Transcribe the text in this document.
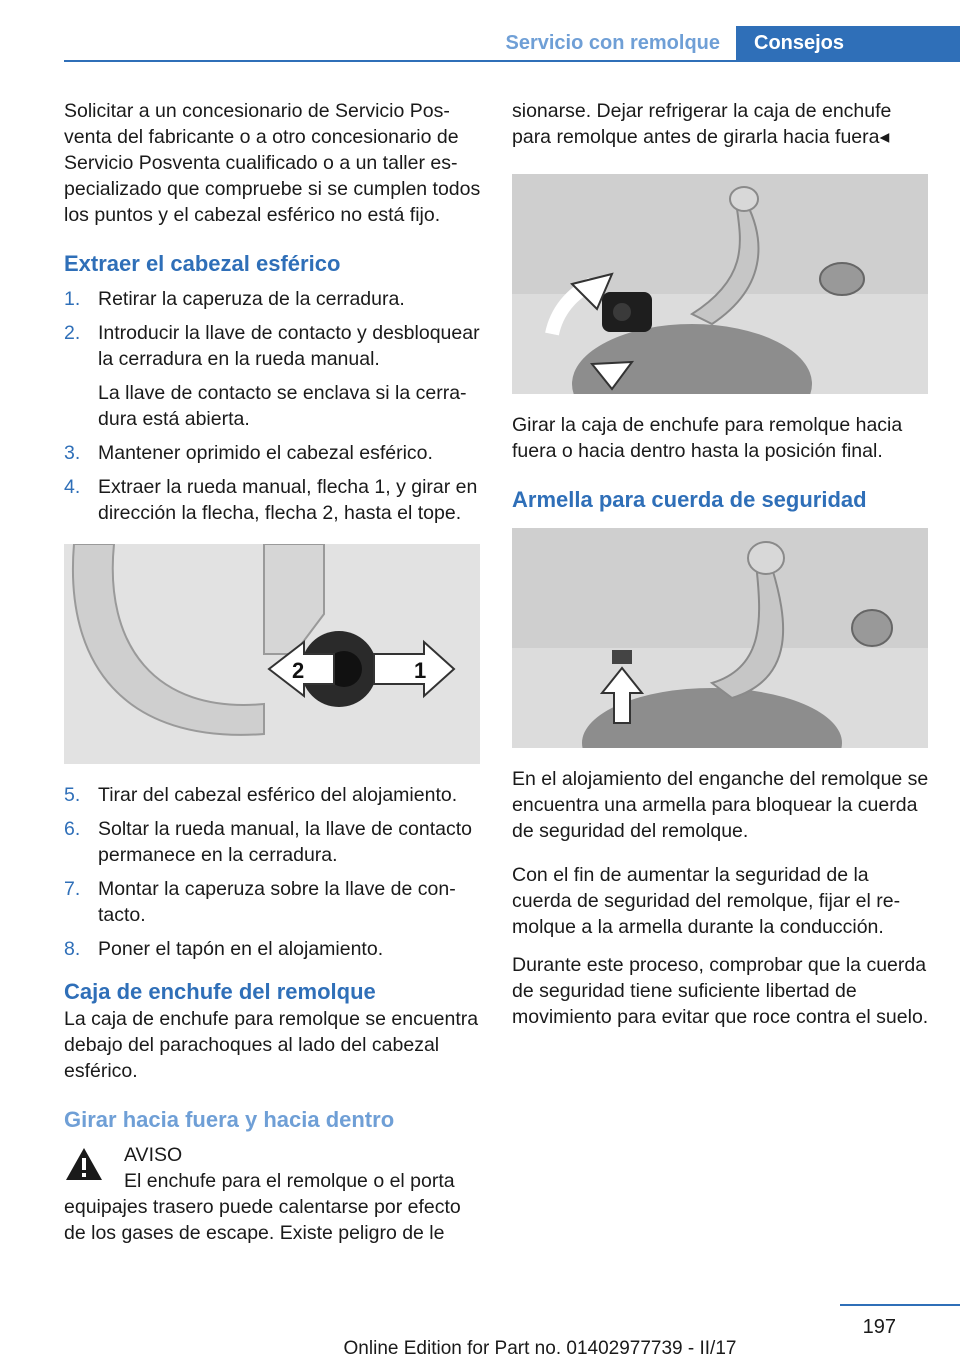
Servicio con remolque	Consejos

Solicitar a un concesionario de Servicio Posventa del fabricante o a otro concesionario de Servicio Posventa cualificado o a un taller especializado que compruebe si se cumplen todos los puntos y el cabezal esférico no está fijo.

Extraer el cabezal esférico
1. Retirar la caperuza de la cerradura.
2. Introducir la llave de contacto y desbloquear la cerradura en la rueda manual.
La llave de contacto se enclava si la cerradura está abierta.
3. Mantener oprimido el cabezal esférico.
4. Extraer la rueda manual, flecha 1, y girar en dirección la flecha, flecha 2, hasta el tope.
1
2
5. Tirar del cabezal esférico del alojamiento.
6. Soltar la rueda manual, la llave de contacto permanece en la cerradura.
7. Montar la caperuza sobre la llave de contacto.
8. Poner el tapón en el alojamiento.
Caja de enchufe del remolque

La caja de enchufe para remolque se encuentra debajo del parachoques al lado del cabezal esférico.

Girar hacia fuera y hacia dentro
AVISO
El enchufe para el remolque o el porta
equipajes trasero puede calentarse por efecto de los gases de escape. Existe peligro de le

sionarse. Dejar refrigerar la caja de enchufe para remolque antes de girarla hacia fuera◂

Girar la caja de enchufe para remolque hacia fuera o hacia dentro hasta la posición final.

Armella para cuerda de seguridad

En el alojamiento del enganche del remolque se encuentra una armella para bloquear la cuerda de seguridad del remolque.

Con el fin de aumentar la seguridad de la cuerda de seguridad del remolque, fijar el remolque a la armella durante la conducción.

Durante este proceso, comprobar que la cuerda de seguridad tiene suficiente libertad de movimiento para evitar que roce contra el suelo.

197
Online Edition for Part no. 01402977739 - II/17
